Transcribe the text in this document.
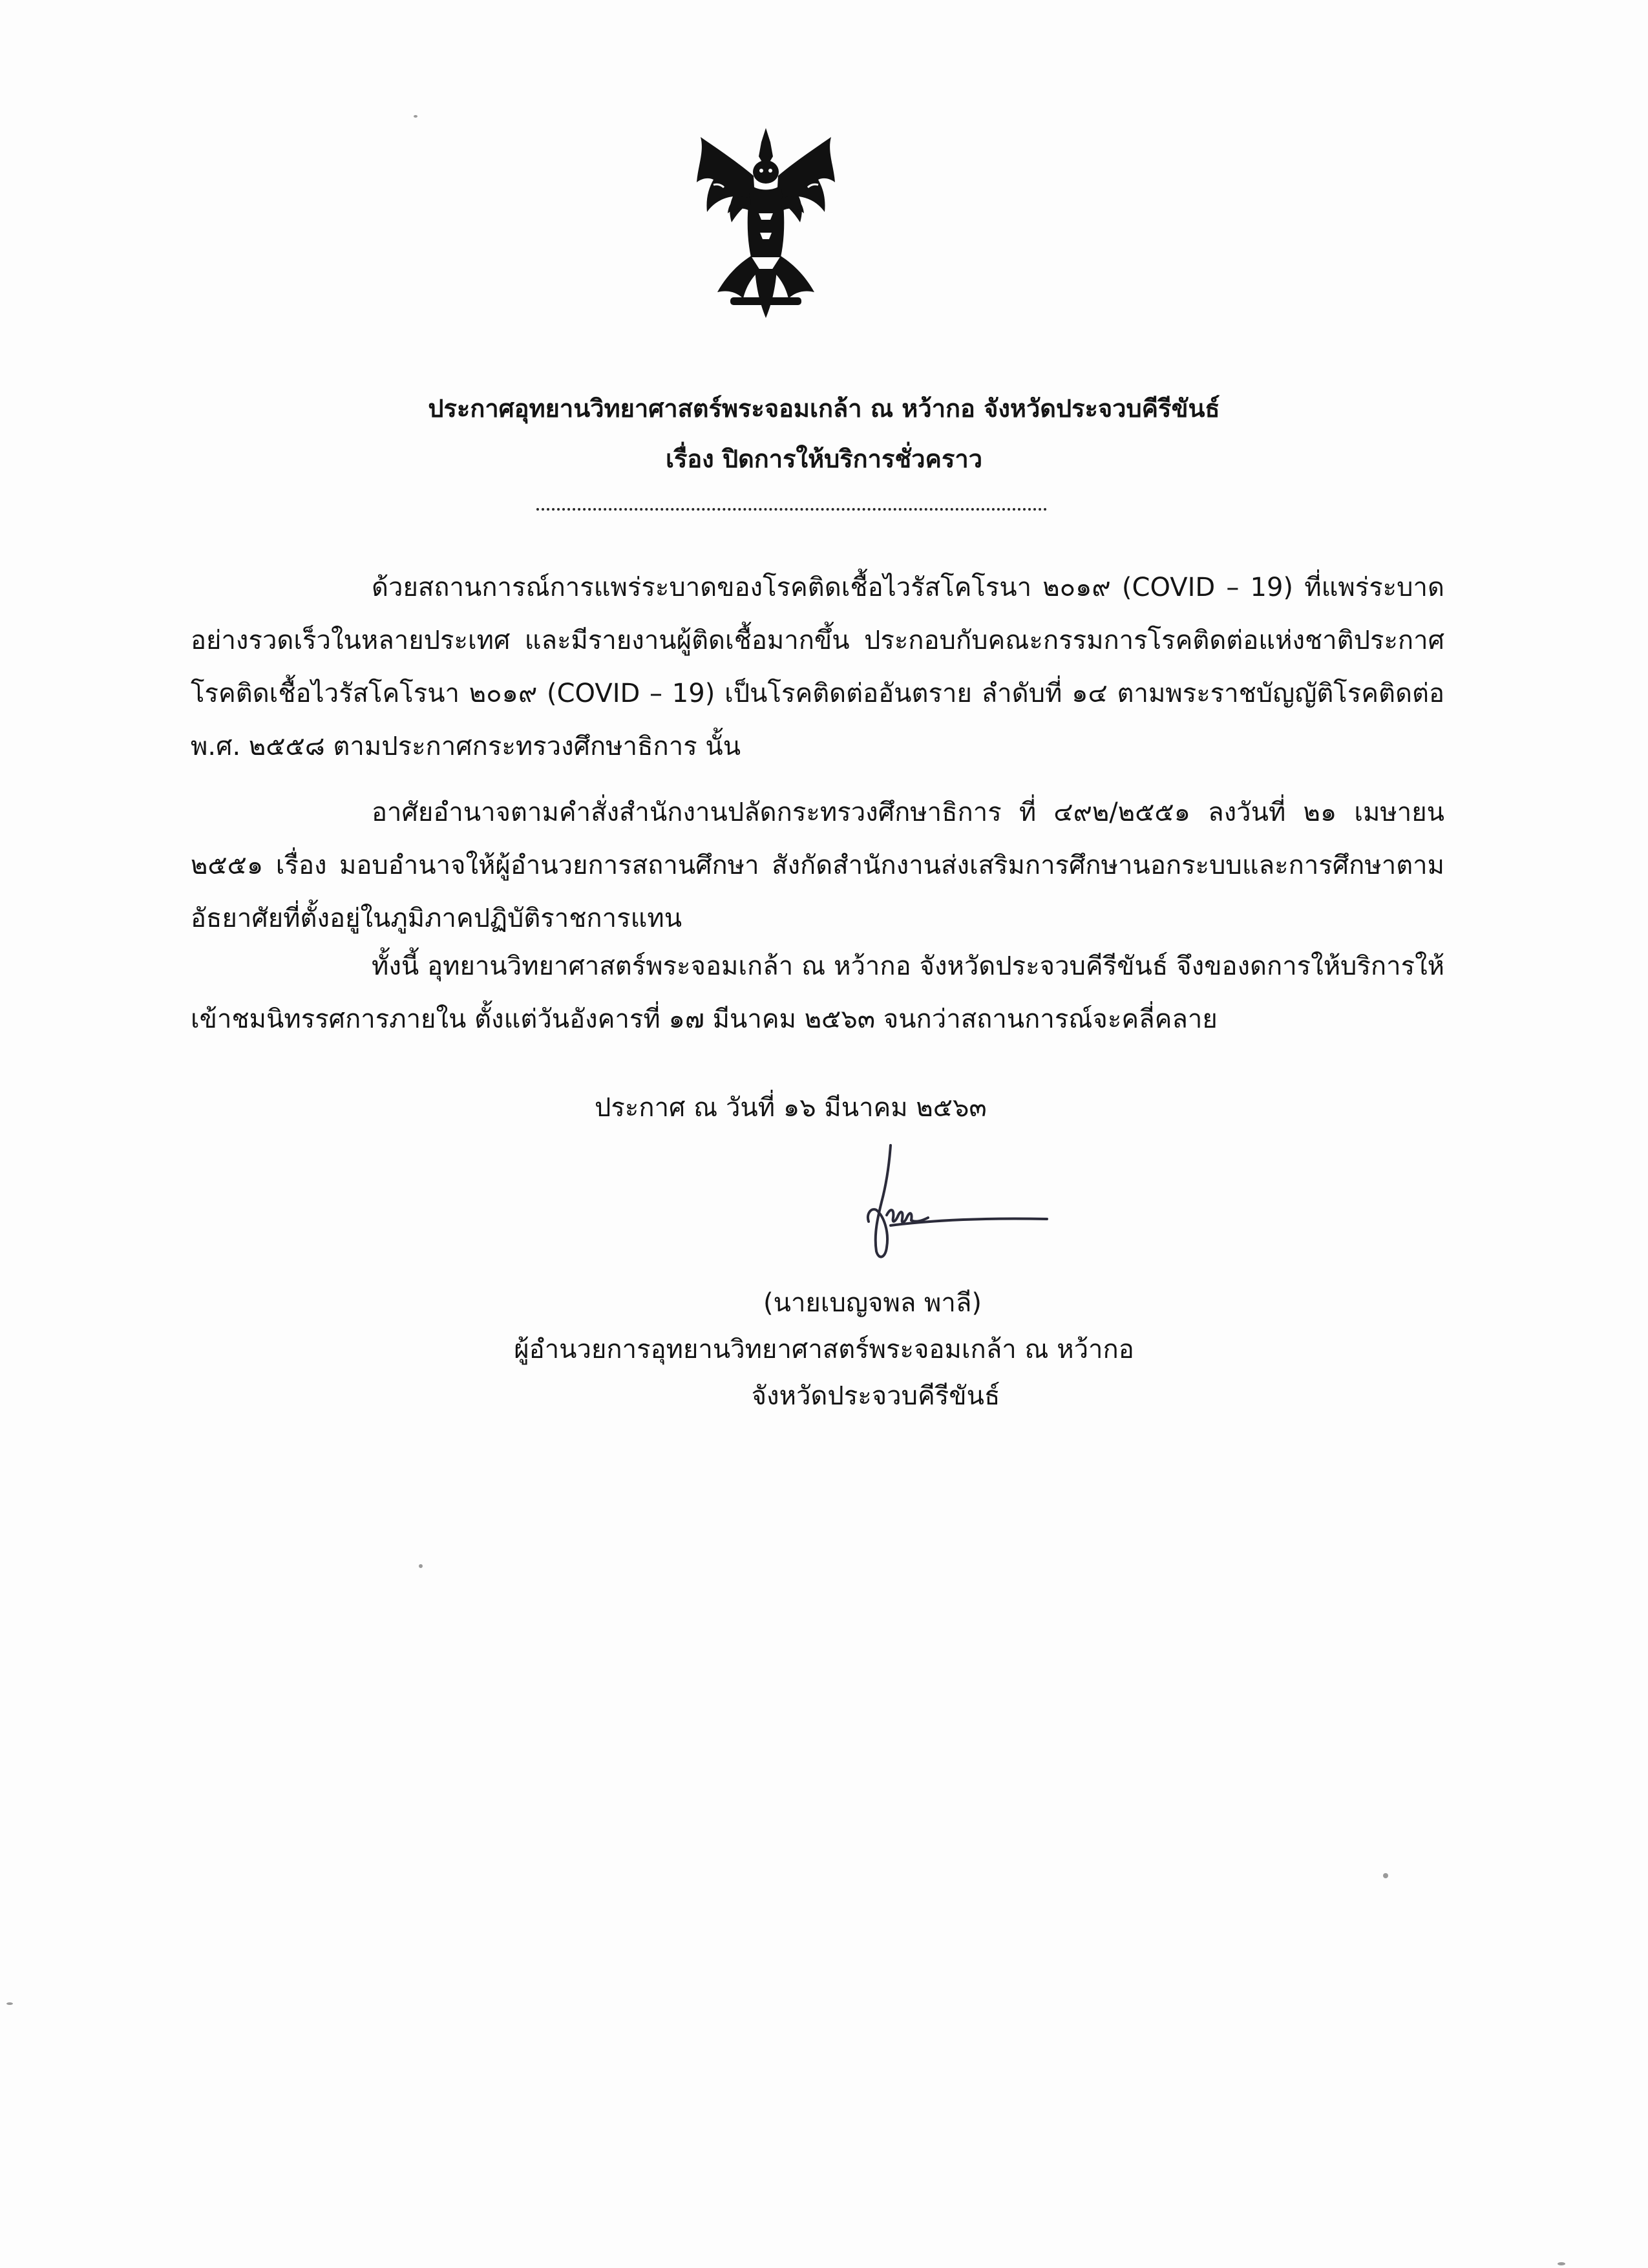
ประกาศอุทยานวิทยาศาสตร์พระจอมเกล้า ณ หว้ากอ จังหวัดประจวบคีรีขันธ์
เรื่อง ปิดการให้บริการชั่วคราว

ด้วยสถานการณ์การแพร่ระบาดของโรคติดเชื้อไวรัสโคโรนา ๒๐๑๙ (COVID – 19) ที่แพร่ระบาดอย่างรวดเร็วในหลายประเทศ และมีรายงานผู้ติดเชื้อมากขึ้น ประกอบกับคณะกรรมการโรคติดต่อแห่งชาติประกาศโรคติดเชื้อไวรัสโคโรนา ๒๐๑๙ (COVID – 19) เป็นโรคติดต่ออันตราย ลำดับที่ ๑๔ ตามพระราชบัญญัติโรคติดต่อ พ.ศ. ๒๕๕๘ ตามประกาศกระทรวงศึกษาธิการ นั้น

อาศัยอำนาจตามคำสั่งสำนักงานปลัดกระทรวงศึกษาธิการ ที่ ๔๙๒/๒๕๕๑ ลงวันที่ ๒๑ เมษายน ๒๕๕๑ เรื่อง มอบอำนาจให้ผู้อำนวยการสถานศึกษา สังกัดสำนักงานส่งเสริมการศึกษานอกระบบและการศึกษาตามอัธยาศัยที่ตั้งอยู่ในภูมิภาคปฏิบัติราชการแทน

ทั้งนี้ อุทยานวิทยาศาสตร์พระจอมเกล้า ณ หว้ากอ จังหวัดประจวบคีรีขันธ์ จึงของดการให้บริการให้เข้าชมนิทรรศการภายใน ตั้งแต่วันอังคารที่ ๑๗ มีนาคม ๒๕๖๓ จนกว่าสถานการณ์จะคลี่คลาย

ประกาศ ณ วันที่ ๑๖ มีนาคม ๒๕๖๓
(นายเบญจพล พาลี)
ผู้อำนวยการอุทยานวิทยาศาสตร์พระจอมเกล้า ณ หว้ากอ
จังหวัดประจวบคีรีขันธ์
